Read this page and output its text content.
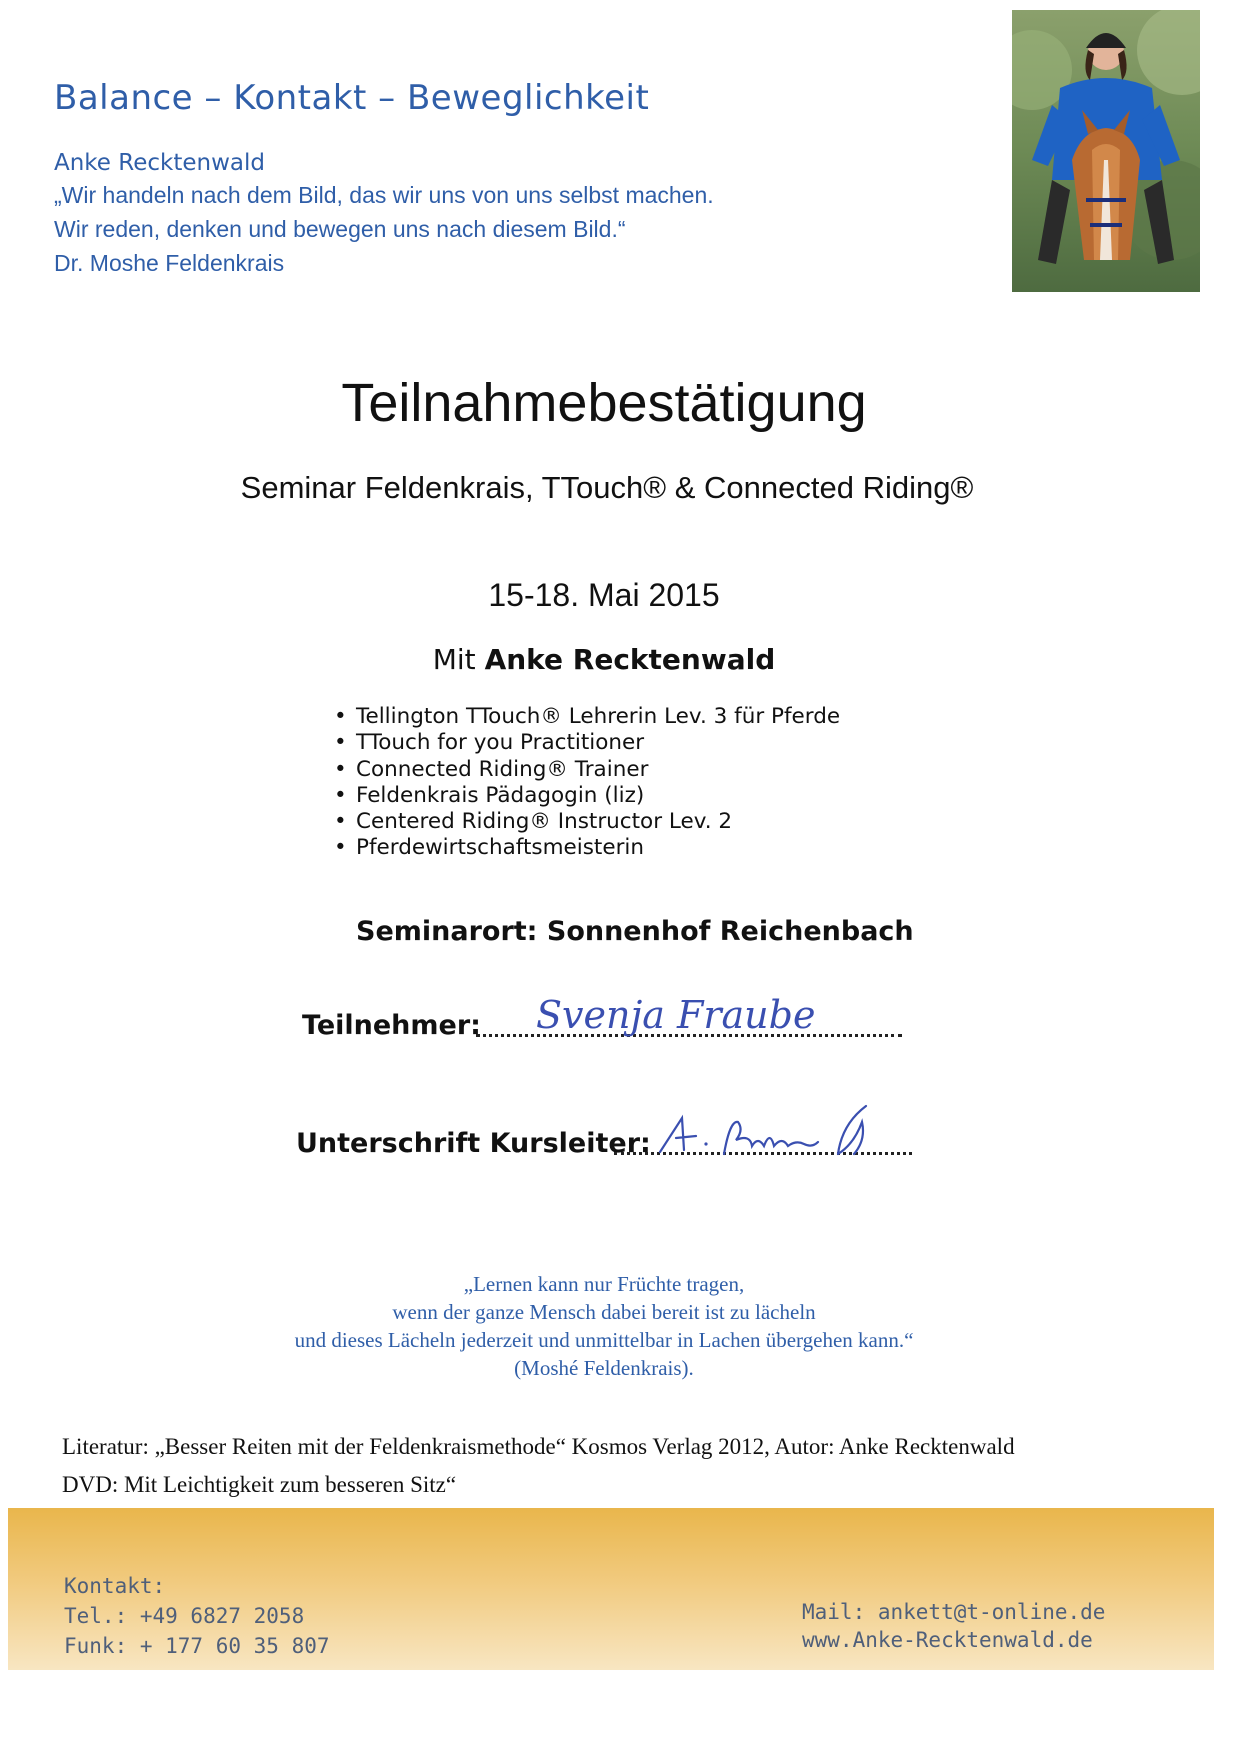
Balance – Kontakt – Beweglichkeit
Anke Recktenwald
„Wir handeln nach dem Bild, das wir uns von uns selbst machen.
Wir reden, denken und bewegen uns nach diesem Bild.“
Dr. Moshe Feldenkrais
Teilnahmebestätigung
Seminar Feldenkrais, TTouch® & Connected Riding®
15-18. Mai 2015
Mit Anke Recktenwald
• Tellington TTouch® Lehrerin Lev. 3 für Pferde
• TTouch for you Practitioner
• Connected Riding® Trainer
• Feldenkrais Pädagogin (liz)
• Centered Riding® Instructor Lev. 2
• Pferdewirtschaftsmeisterin
Seminarort: Sonnenhof Reichenbach
Teilnehmer: Svenja Fraube
Unterschrift Kursleiter:
„Lernen kann nur Früchte tragen,
wenn der ganze Mensch dabei bereit ist zu lächeln
und dieses Lächeln jederzeit und unmittelbar in Lachen übergehen kann.“
(Moshé Feldenkrais).
Literatur: „Besser Reiten mit der Feldenkraismethode“ Kosmos Verlag 2012, Autor: Anke Recktenwald
DVD: Mit Leichtigkeit zum besseren Sitz“
Kontakt:
Tel.: +49 6827 2058
Funk: + 177 60 35 807
Mail: ankett@t-online.de
www.Anke-Recktenwald.de
